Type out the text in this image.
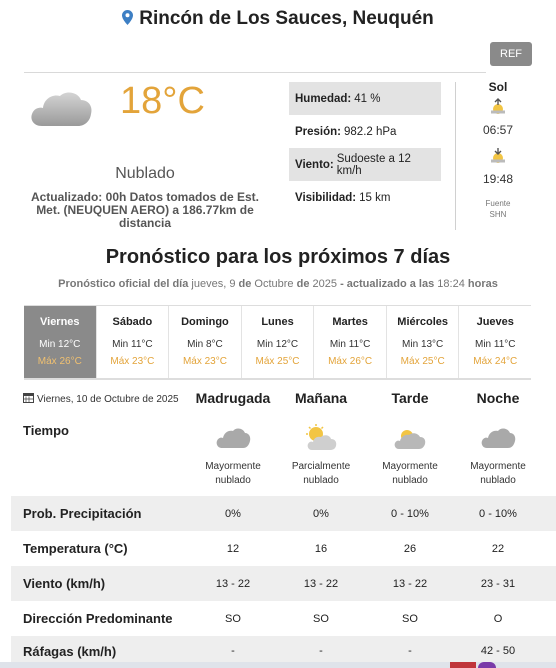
Rincón de Los Sauces, Neuquén
REF
18°C
Nublado
Actualizado: 00h Datos tomados de Est. Met. (NEUQUEN AERO) a 186.77km de distancia
Humedad: 41 %
Presión: 982.2 hPa
Viento: Sudoeste a 12 km/h
Visibilidad: 15 km
Sol
06:57
19:48
Fuente
SHN
Pronóstico para los próximos 7 días
Pronóstico oficial del día jueves, 9 de Octubre de 2025 - actualizado a las 18:24 horas
Viernes
Min 12°C
Máx 26°C
Sábado
Min 11°C
Máx 23°C
Domingo
Min 8°C
Máx 23°C
Lunes
Min 12°C
Máx 25°C
Martes
Min 11°C
Máx 26°C
Miércoles
Min 13°C
Máx 25°C
Jueves
Min 11°C
Máx 24°C
Viernes, 10 de Octubre de 2025	Madrugada	Mañana	Tarde	Noche
Tiempo
Mayormente
nublado
Parcialmente
nublado
Mayormente
nublado
Mayormente
nublado
Prob. Precipitación	0%	0%	0 - 10%	0 - 10%
Temperatura (°C)	12	16	26	22
Viento (km/h)	13 - 22	13 - 22	13 - 22	23 - 31
Dirección Predominante	SO	SO	SO	O
Ráfagas (km/h)	-	-	-	42 - 50
